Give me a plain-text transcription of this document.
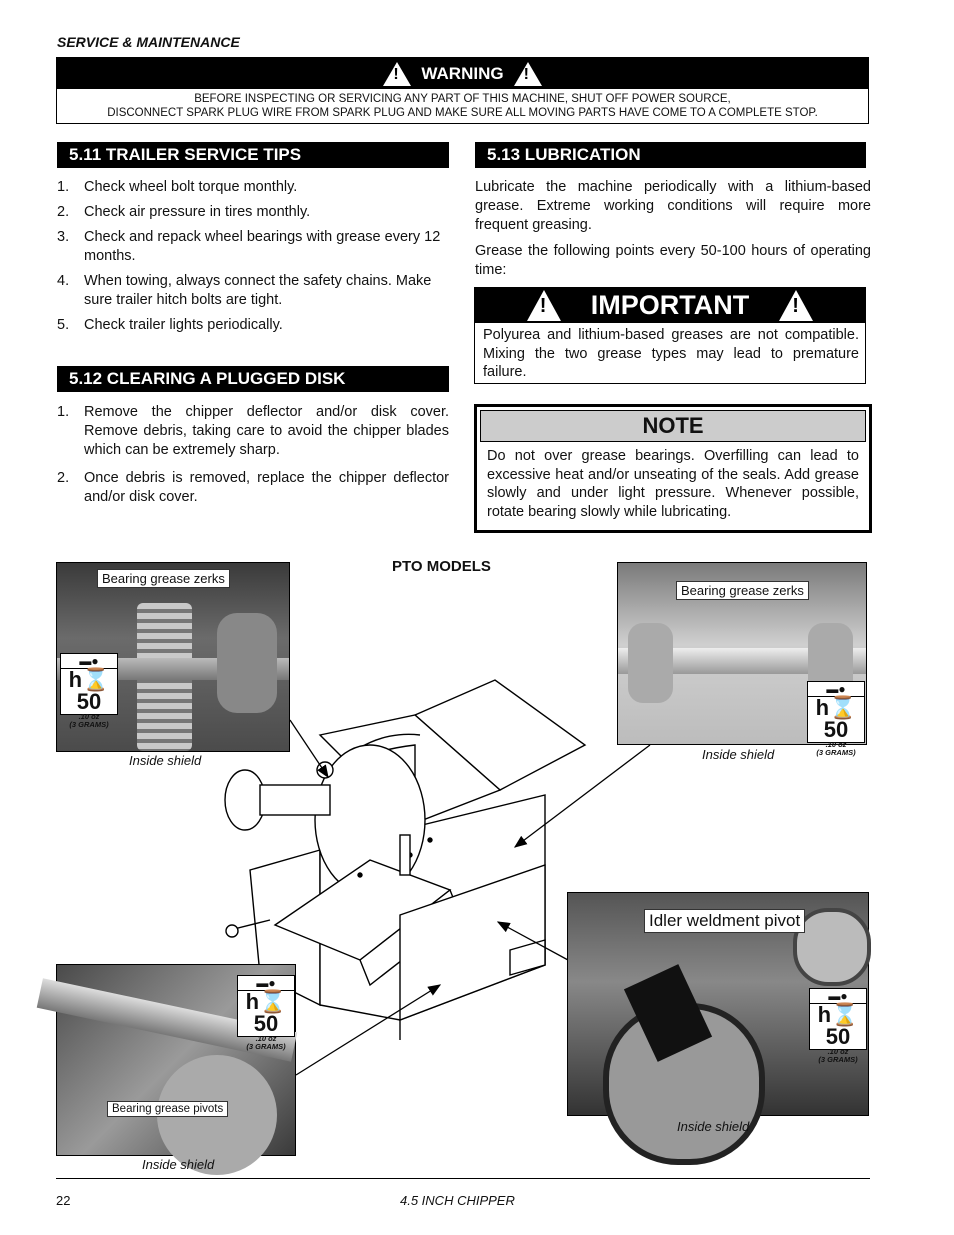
SERVICE & MAINTENANCE
!
WARNING
!
BEFORE INSPECTING OR SERVICING ANY PART OF THIS MACHINE, SHUT OFF POWER SOURCE,
DISCONNECT SPARK PLUG WIRE FROM SPARK PLUG AND MAKE SURE ALL MOVING PARTS HAVE COME TO A COMPLETE STOP.
5.11 TRAILER SERVICE TIPS
1. Check wheel bolt torque monthly.
2. Check air pressure in tires monthly.
3. Check and repack wheel bearings with grease every 12 months.
4. When towing, always connect the safety chains. Make sure trailer hitch bolts are tight.
5. Check trailer lights periodically.
5.12 CLEARING A PLUGGED DISK
1. Remove the chipper deflector and/or disk cover. Remove debris, taking care to avoid the chipper blades which can be extremely sharp.
2. Once debris is removed, replace the chipper deflector and/or disk cover.
5.13 LUBRICATION

Lubricate the machine periodically with a lithium-based grease. Extreme working conditions will require more frequent greasing.

Grease the following points every 50-100 hours of operating time:

!
IMPORTANT
!

Polyurea and lithium-based greases are not compatible. Mixing the two grease types may lead to premature failure.

NOTE

Do not over grease bearings. Overfilling can lead to excessive heat and/or unseating of the seals. Add grease slowly and under light pressure. Whenever possible, rotate bearing slowly while lubricating.

PTO MODELS
Bearing grease zerks
▬●
h⌛50
.10 oz
(3 GRAMS)
Inside shield
Bearing grease zerks
▬●
h⌛50
.10 oz
(3 GRAMS)
Inside shield
Bearing grease pivots
▬●
h⌛50
.10 oz
(3 GRAMS)
Inside shield
Idler weldment pivot
▬●
h⌛50
.10 oz
(3 GRAMS)
Inside shield
22	4.5 INCH CHIPPER
